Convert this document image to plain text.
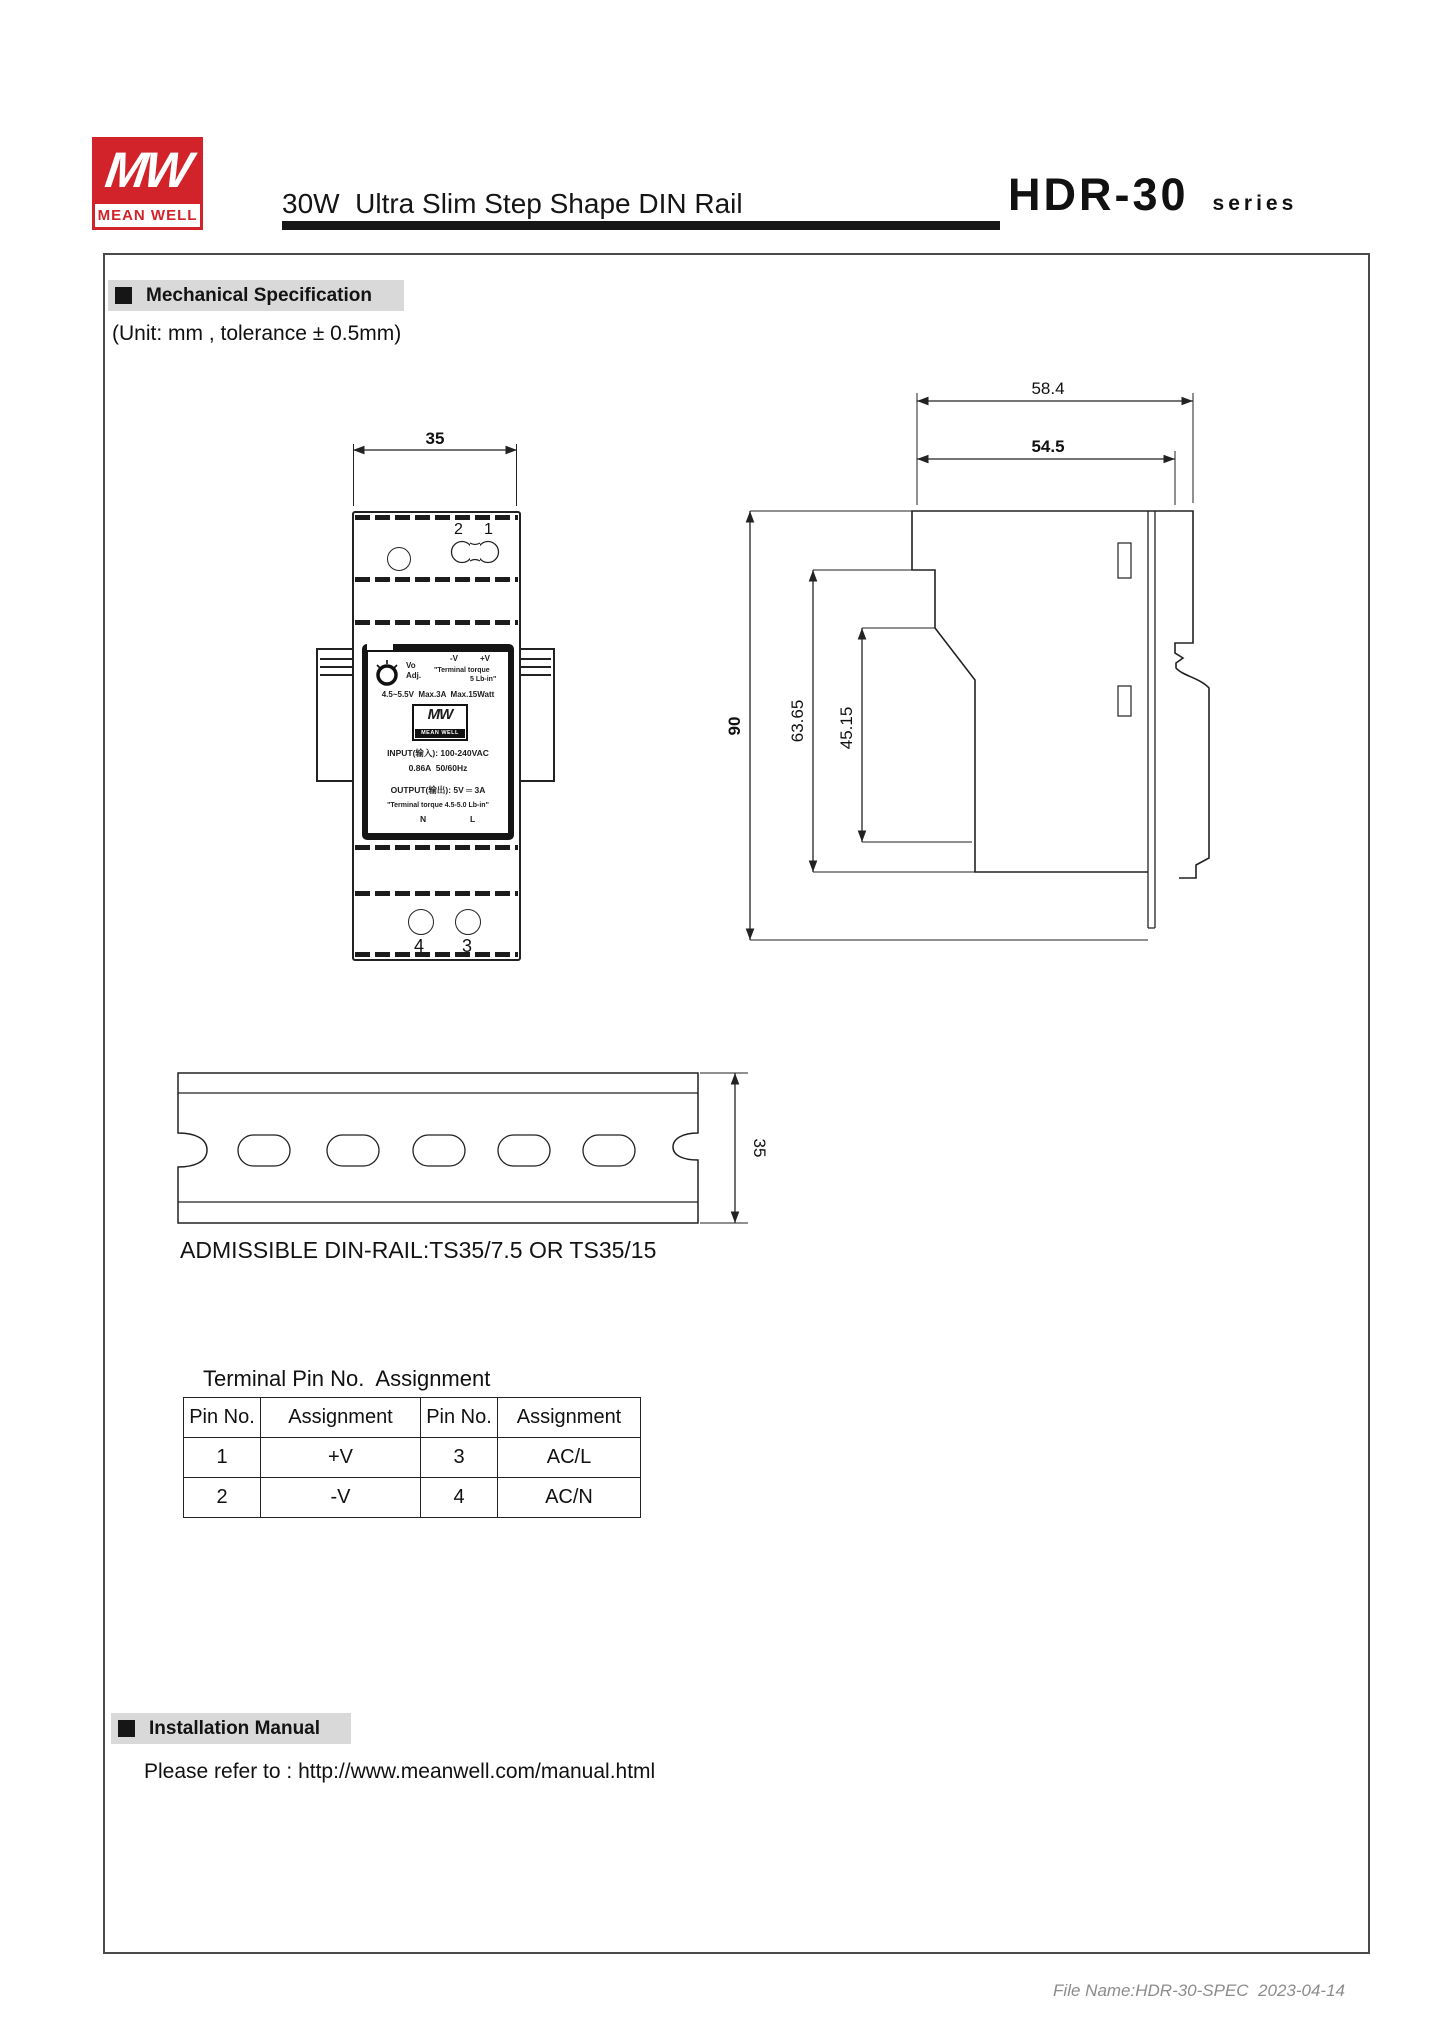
MW
MEAN WELL	30W  Ultra Slim Step Shape DIN Rail	HDR-30 series
Mechanical Specification
(Unit: mm , tolerance ± 0.5mm)
35
2 1
Vo
Adj.
-V	+V
"Terminal torque
5 Lb-in"
4.5~5.5V  Max.3A  Max.15Watt
MW
MEAN WELL
INPUT(输入): 100-240VAC
0.86A  50/60Hz
OUTPUT(输出): 5V ═ 3A
"Terminal torque 4.5-5.0 Lb-in"
N	L
4 3
58.4
54.5
90	63.65 45.15
35
ADMISSIBLE DIN-RAIL:TS35/7.5 OR TS35/15
Terminal Pin No.  Assignment
Pin No.	Assignment	Pin No.	Assignment
1	+V	3	AC/L
2	-V	4	AC/N
Installation Manual
Please refer to : http://www.meanwell.com/manual.html
File Name:HDR-30-SPEC  2023-04-14
